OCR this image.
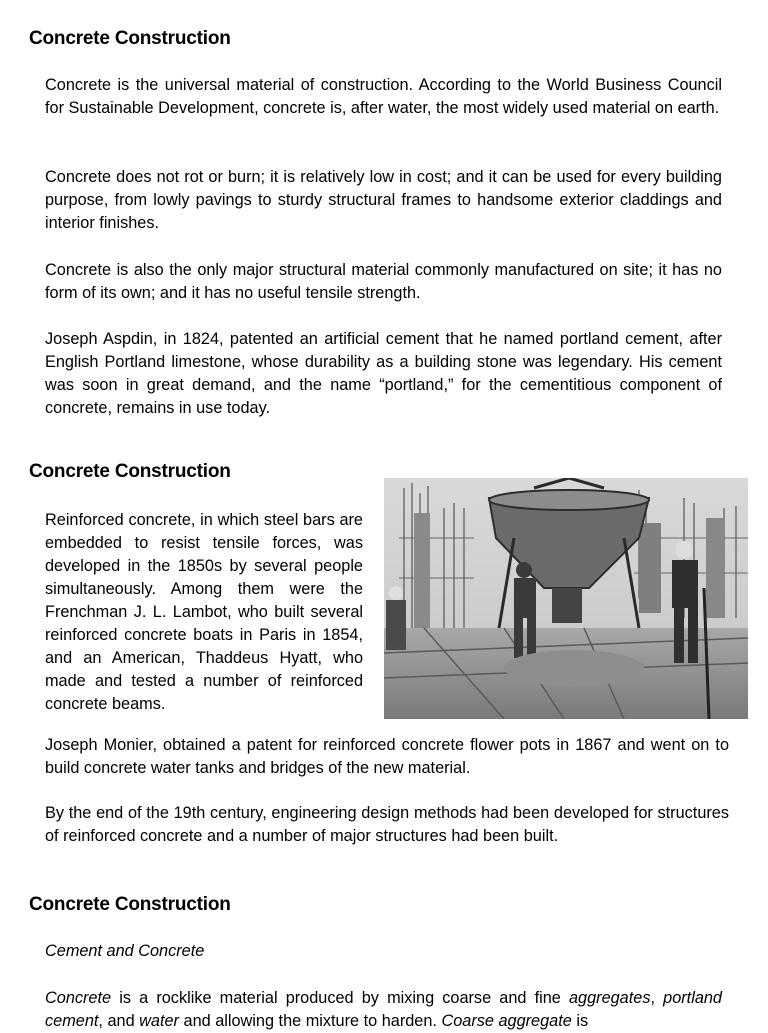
Concrete Construction

Concrete is the universal material of construction. According to the World Business Council for Sustainable Development, concrete is, after water, the most widely used material on earth.

Concrete does not rot or burn; it is relatively low in cost; and it can be used for every building purpose, from lowly pavings to sturdy structural frames to handsome exterior claddings and interior finishes.

Concrete is also the only major structural material commonly manufactured on site; it has no form of its own; and it has no useful tensile strength.

Joseph Aspdin, in 1824, patented an artificial cement that he named portland cement, after English Portland limestone, whose durability as a building stone was legendary. His cement was soon in great demand, and the name “portland,” for the cementitious component of concrete, remains in use today.

Concrete Construction

Reinforced concrete, in which steel bars are embedded to resist tensile forces, was developed in the 1850s by several people simultaneously. Among them were the Frenchman J. L. Lambot, who built several reinforced concrete boats in Paris in 1854, and an American, Thaddeus Hyatt, who made and tested a number of reinforced concrete beams.

Joseph Monier, obtained a patent for reinforced concrete flower pots in 1867 and went on to build concrete water tanks and bridges of the new material.

By the end of the 19th century, engineering design methods had been developed for structures of reinforced concrete and a number of major structures had been built.

Concrete Construction

Cement and Concrete

Concrete is a rocklike material produced by mixing coarse and fine aggregates, portland cement, and water and allowing the mixture to harden. Coarse aggregate is
